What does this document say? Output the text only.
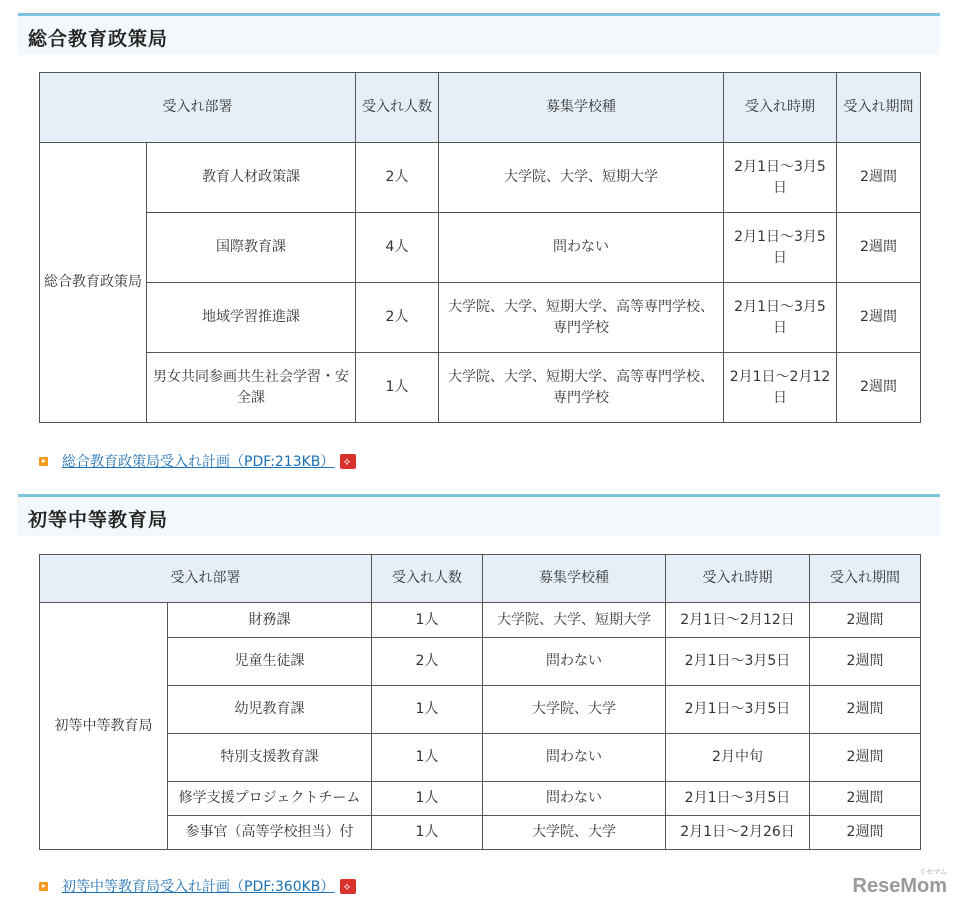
総合教育政策局
受入れ部署		受入れ人数	募集学校種	受入れ時期	受入れ期間
総合教育政策局	教育人材政策課	2人	大学院、大学、短期大学	2月1日～3月5日	2週間
	国際教育課	4人	問わない	2月1日～3月5日	2週間
	地域学習推進課	2人	大学院、大学、短期大学、高等専門学校、専門学校	2月1日～3月5日	2週間
	男女共同参画共生社会学習・安全課	1人	大学院、大学、短期大学、高等専門学校、専門学校	2月1日～2月12日	2週間
総合教育政策局受入れ計画（PDF:213KB）
⟡
初等中等教育局
受入れ部署		受入れ人数	募集学校種	受入れ時期	受入れ期間
初等中等教育局	財務課	1人	大学院、大学、短期大学	2月1日～2月12日	2週間
	児童生徒課	2人	問わない	2月1日～3月5日	2週間
	幼児教育課	1人	大学院、大学	2月1日～3月5日	2週間
	特別支援教育課	1人	問わない	2月中旬	2週間
	修学支援プロジェクトチーム	1人	問わない	2月1日～3月5日	2週間
	参事官（高等学校担当）付	1人	大学院、大学	2月1日～2月26日	2週間
初等中等教育局受入れ計画（PDF:360KB）
⟡
リセマム
ReseMom
